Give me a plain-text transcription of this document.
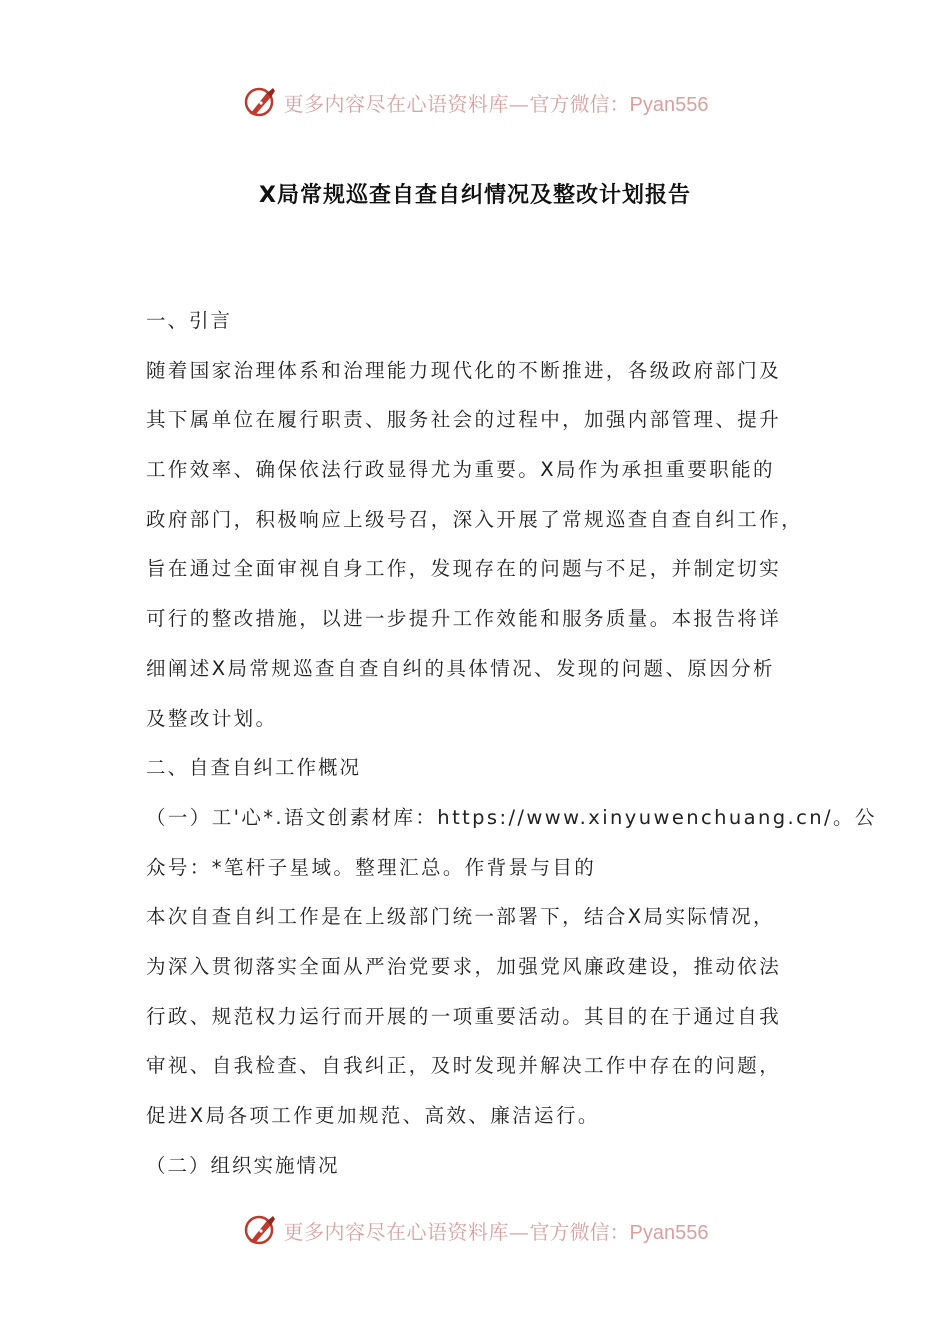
更多内容尽在心语资料库— 官方微信：Pyan556
X局常规巡查自查自纠情况及整改计划报告
一、引言
随着国家治理体系和治理能力现代化的不断推进，各级政府部门及
其下属单位在履行职责、服务社会的过程中，加强内部管理、提升
工作效率、确保依法行政显得尤为重要。X局作为承担重要职能的
政府部门，积极响应上级号召，深入开展了常规巡查自查自纠工作，
旨在通过全面审视自身工作，发现存在的问题与不足，并制定切实
可行的整改措施，以进一步提升工作效能和服务质量。本报告将详
细阐述X局常规巡查自查自纠的具体情况、发现的问题、原因分析
及整改计划。
二、自查自纠工作概况
（一）工'心*.语文创素材库：https://www.xinyuwenchuang.cn/。公
众号：*笔杆子星域。整理汇总。作背景与目的
本次自查自纠工作是在上级部门统一部署下，结合X局实际情况，
为深入贯彻落实全面从严治党要求，加强党风廉政建设，推动依法
行政、规范权力运行而开展的一项重要活动。其目的在于通过自我
审视、自我检查、自我纠正，及时发现并解决工作中存在的问题，
促进X局各项工作更加规范、高效、廉洁运行。
（二）组织实施情况
更多内容尽在心语资料库— 官方微信：Pyan556
